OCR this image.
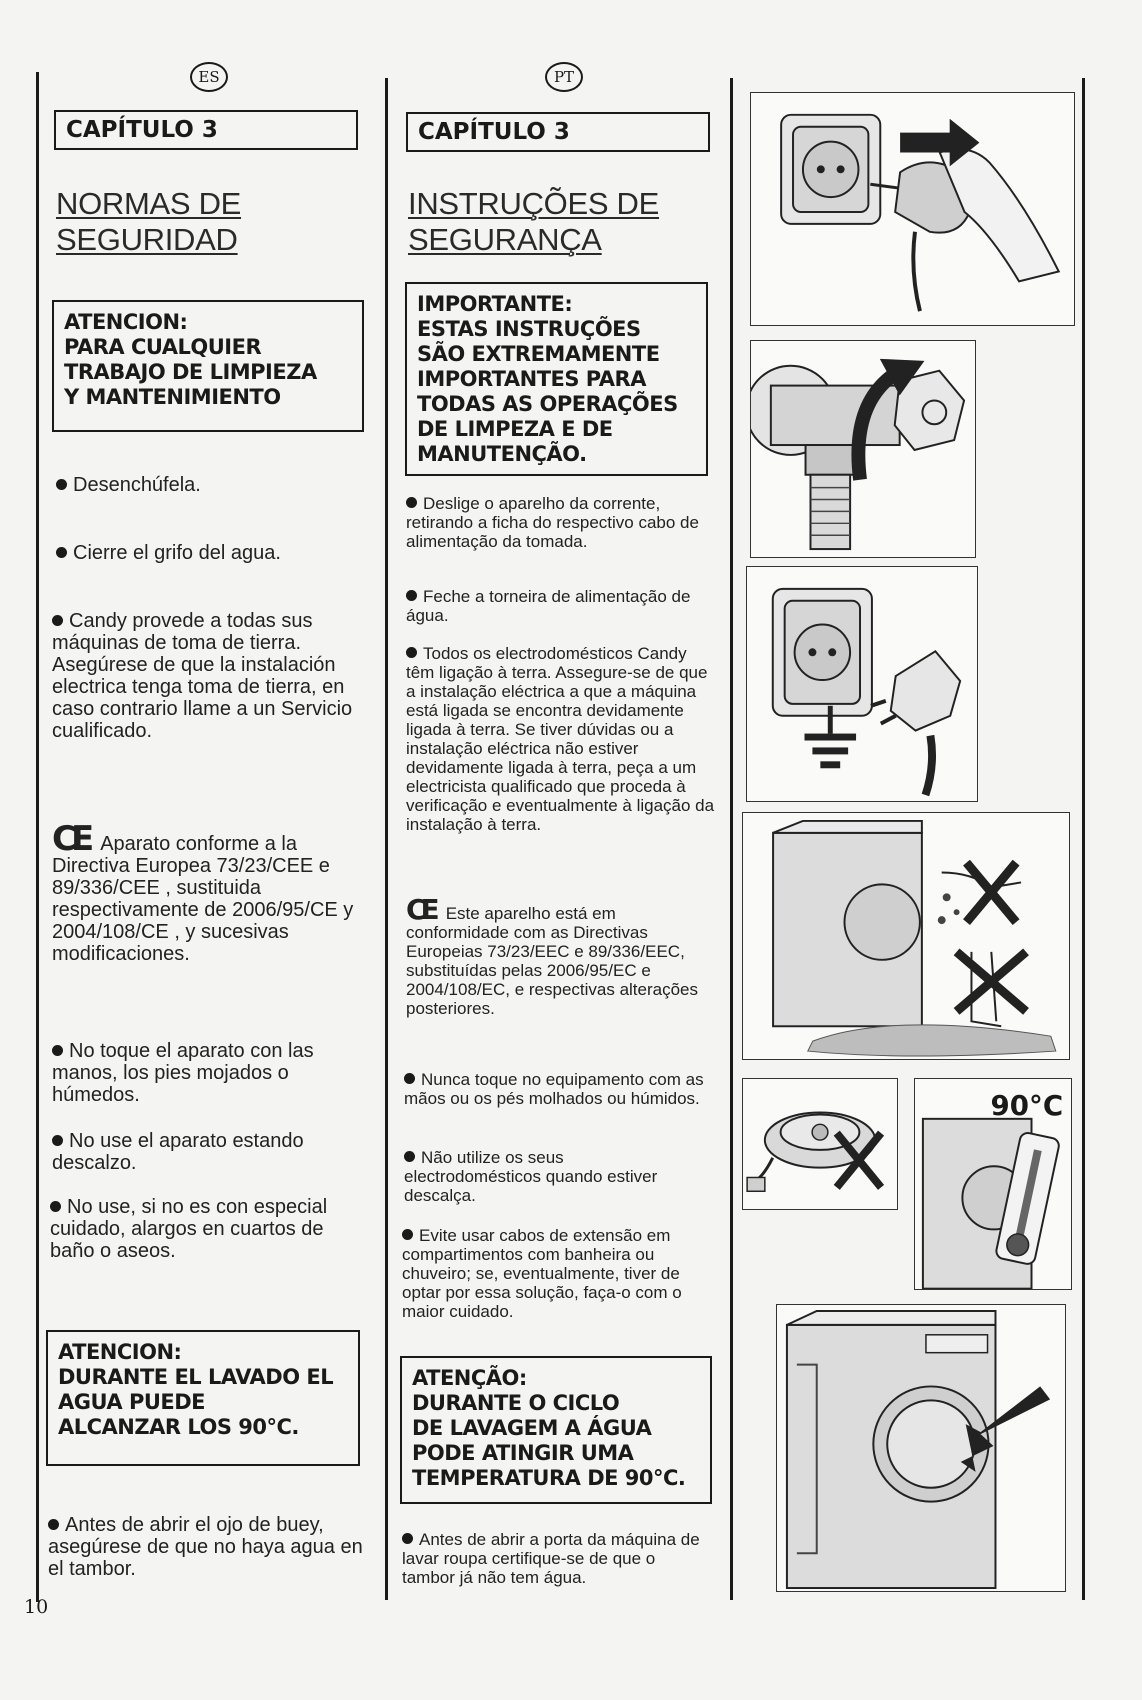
ES
CAPÍTULO 3
NORMAS DE
SEGURIDAD
ATENCION:
PARA CUALQUIER
TRABAJO DE LIMPIEZA
Y MANTENIMIENTO
Desenchúfela.
Cierre el grifo del agua.

Candy provede a todas sus máquinas de toma de tierra.

Asegúrese de que la instalación electrica tenga toma de tierra, en caso contrario llame a un Servicio cualificado.

CE Aparato conforme a la Directiva Europea 73/23/CEE e 89/336/CEE , sustituida respectivamente de 2006/95/CE y 2004/108/CE , y sucesivas modificaciones.
No toque el aparato con las manos, los pies mojados o húmedos.
No use el aparato estando descalzo.
No use, si no es con especial cuidado, alargos en cuartos de baño o aseos.
ATENCION:
DURANTE EL LAVADO EL
AGUA PUEDE
ALCANZAR LOS 90°C.
Antes de abrir el ojo de buey, asegúrese de que no haya agua en el tambor.
PT
CAPÍTULO 3
INSTRUÇÕES DE
SEGURANÇA
IMPORTANTE:
ESTAS INSTRUÇÕES
SÃO EXTREMAMENTE
IMPORTANTES PARA
TODAS AS OPERAÇÕES
DE LIMPEZA E DE
MANUTENÇÃO.
Deslige o aparelho da corrente, retirando a ficha do respectivo cabo de alimentação da tomada.
Feche a torneira de alimentação de água.
Todos os electrodomésticos Candy têm ligação à terra. Assegure-se de que a instalação eléctrica a que a máquina está ligada se encontra devidamente ligada à terra. Se tiver dúvidas ou a instalação eléctrica não estiver devidamente ligada à terra, peça a um electricista qualificado que proceda à verificação e eventualmente à ligação da instalação à terra.
CE Este aparelho está em conformidade com as Directivas Europeias 73/23/EEC e 89/336/EEC, substituídas pelas 2006/95/EC e 2004/108/EC, e respectivas alterações posteriores.
Nunca toque no equipamento com as mãos ou os pés molhados ou húmidos.
Não utilize os seus electrodomésticos quando estiver descalça.
Evite usar cabos de extensão em compartimentos com banheira ou chuveiro; se, eventualmente, tiver de optar por essa solução, faça-o com o maior cuidado.
ATENÇÃO:
DURANTE O CICLO
DE LAVAGEM A ÁGUA
PODE ATINGIR UMA
TEMPERATURA DE 90°C.
Antes de abrir a porta da máquina de lavar roupa certifique-se de que o tambor já não tem água.
90°C
10
